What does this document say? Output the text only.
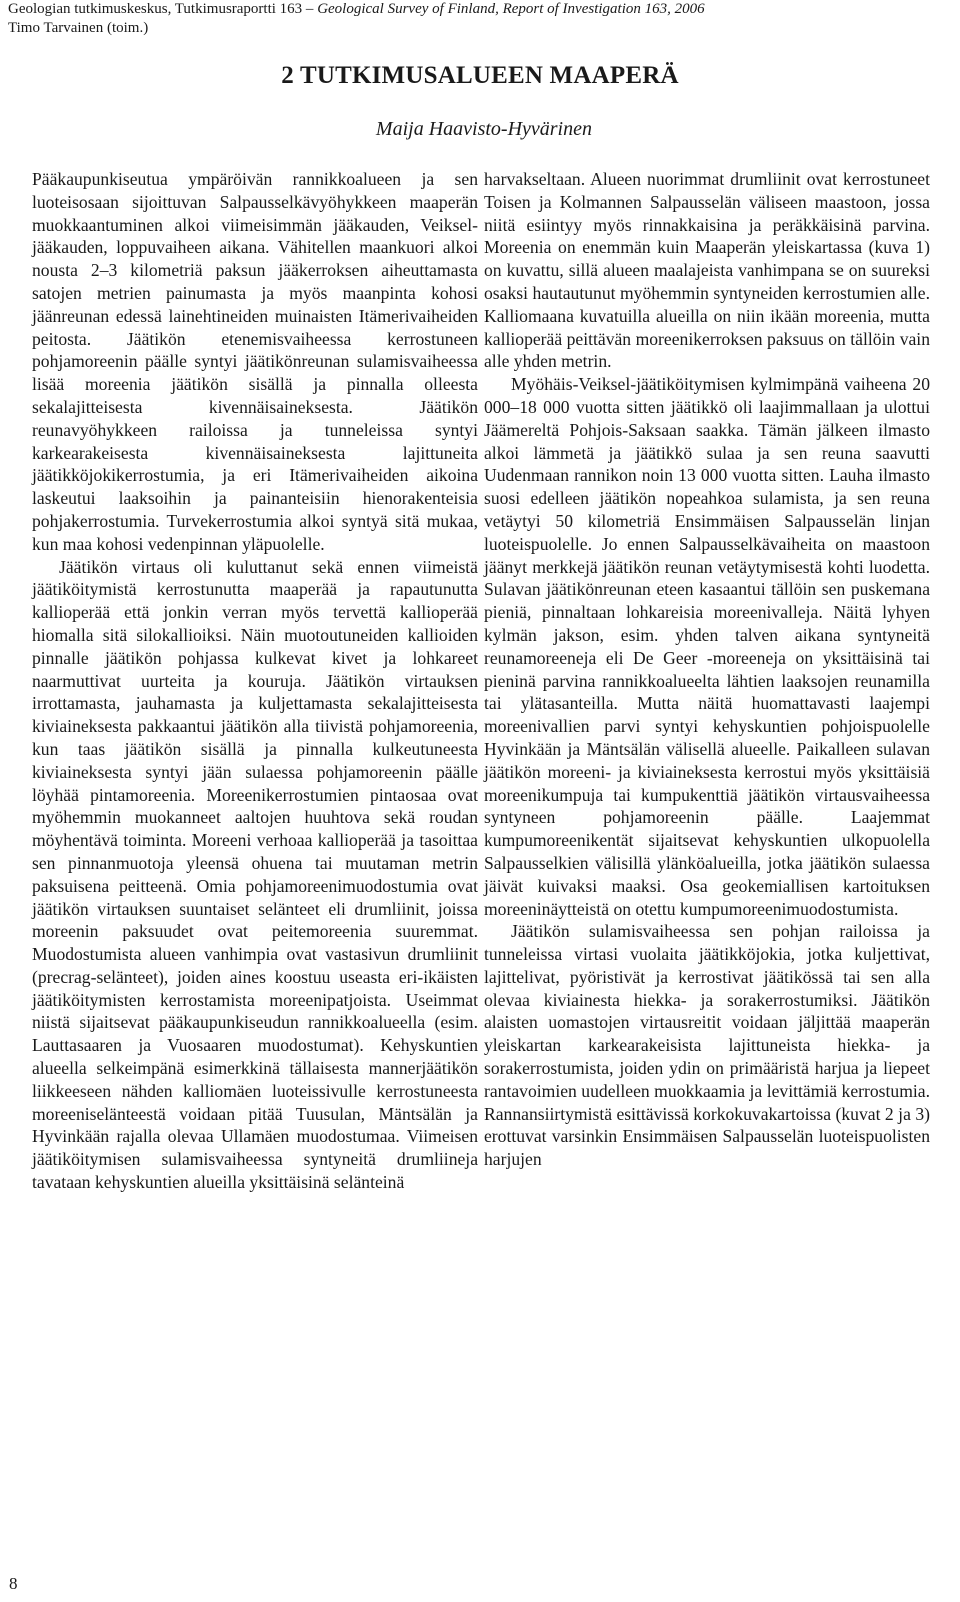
Geologian tutkimuskeskus, Tutkimusraportti 163 – Geological Survey of Finland, Report of Investigation 163, 2006
Timo Tarvainen (toim.)
2 TUTKIMUSALUEEN MAAPERÄ
Maija Haavisto-Hyvärinen

Pääkaupunkiseutua ympäröivän rannikkoalueen ja sen luoteisosaan sijoittuvan Salpausselkävyöhykkeen maaperän muokkaantuminen alkoi viimeisimmän jääkauden, Veiksel-jääkauden, loppuvaiheen aikana. Vähitellen maankuori alkoi nousta 2–3 kilometriä paksun jääkerroksen aiheuttamasta satojen metrien painumasta ja myös maanpinta kohosi jäänreunan edessä lainehtineiden muinaisten Itämerivaiheiden peitosta. Jäätikön etenemisvaiheessa kerrostuneen pohjamoreenin päälle syntyi jäätikönreunan sulamisvaiheessa lisää moreenia jäätikön sisällä ja pinnalla olleesta sekalajitteisesta kivennäisaineksesta. Jäätikön reunavyöhykkeen railoissa ja tunneleissa syntyi karkearakeisesta kivennäisaineksesta lajittuneita jäätikköjokikerrostumia, ja eri Itämerivaiheiden aikoina laskeutui laaksoihin ja painanteisiin hienorakenteisia pohjakerrostumia. Turvekerrostumia alkoi syntyä sitä mukaa, kun maa kohosi vedenpinnan yläpuolelle.

Jäätikön virtaus oli kuluttanut sekä ennen viimeistä jäätiköitymistä kerrostunutta maaperää ja rapautunutta kallioperää että jonkin verran myös tervettä kallioperää hiomalla sitä silokallioiksi. Näin muotoutuneiden kallioiden pinnalle jäätikön pohjassa kulkevat kivet ja lohkareet naarmuttivat uurteita ja kouruja. Jäätikön virtauksen irrottamasta, jauhamasta ja kuljettamasta sekalajitteisesta kiviaineksesta pakkaantui jäätikön alla tiivistä pohjamoreenia, kun taas jäätikön sisällä ja pinnalla kulkeutuneesta kiviaineksesta syntyi jään sulaessa pohjamoreenin päälle löyhää pintamoreenia. Moreenikerrostumien pintaosaa ovat myöhemmin muokanneet aaltojen huuhtova sekä roudan möyhentävä toiminta. Moreeni verhoaa kallioperää ja tasoittaa sen pinnanmuotoja yleensä ohuena tai muutaman metrin paksuisena peitteenä. Omia pohjamoreenimuodostumia ovat jäätikön virtauksen suuntaiset selänteet eli drumliinit, joissa moreenin paksuudet ovat peitemoreenia suuremmat. Muodostumista alueen vanhimpia ovat vastasivun drumliinit (precrag-selänteet), joiden aines koostuu useasta eri-ikäisten jäätiköitymisten kerrostamista moreenipatjoista. Useimmat niistä sijaitsevat pääkaupunkiseudun rannikkoalueella (esim. Lauttasaaren ja Vuosaaren muodostumat). Kehyskuntien alueella selkeimpänä esimerkkinä tällaisesta mannerjäätikön liikkeeseen nähden kalliomäen luoteissivulle kerrostuneesta moreeniselänteestä voidaan pitää Tuusulan, Mäntsälän ja Hyvinkään rajalla olevaa Ullamäen muodostumaa. Viimeisen jäätiköitymisen sulamisvaiheessa syntyneitä drumliineja tavataan kehyskuntien alueilla yksittäisinä selänteinä

harvakseltaan. Alueen nuorimmat drumliinit ovat kerrostuneet Toisen ja Kolmannen Salpausselän väliseen maastoon, jossa niitä esiintyy myös rinnakkaisina ja peräkkäisinä parvina. Moreenia on enemmän kuin Maaperän yleiskartassa (kuva 1) on kuvattu, sillä alueen maalajeista vanhimpana se on suureksi osaksi hautautunut myöhemmin syntyneiden kerrostumien alle. Kalliomaana kuvatuilla alueilla on niin ikään moreenia, mutta kallioperää peittävän moreenikerroksen paksuus on tällöin vain alle yhden metrin.

Myöhäis-Veiksel-jäätiköitymisen kylmimpänä vaiheena 20 000–18 000 vuotta sitten jäätikkö oli laajimmallaan ja ulottui Jäämereltä Pohjois-Saksaan saakka. Tämän jälkeen ilmasto alkoi lämmetä ja jäätikkö sulaa ja sen reuna saavutti Uudenmaan rannikon noin 13 000 vuotta sitten. Lauha ilmasto suosi edelleen jäätikön nopeahkoa sulamista, ja sen reuna vetäytyi 50 kilometriä Ensimmäisen Salpausselän linjan luoteispuolelle. Jo ennen Salpausselkävaiheita on maastoon jäänyt merkkejä jäätikön reunan vetäytymisestä kohti luodetta. Sulavan jäätikönreunan eteen kasaantui tällöin sen puskemana pieniä, pinnaltaan lohkareisia moreenivalleja. Näitä lyhyen kylmän jakson, esim. yhden talven aikana syntyneitä reunamoreeneja eli De Geer -moreeneja on yksittäisinä tai pieninä parvina rannikkoalueelta lähtien laaksojen reunamilla tai ylätasanteilla. Mutta näitä huomattavasti laajempi moreenivallien parvi syntyi kehyskuntien pohjoispuolelle Hyvinkään ja Mäntsälän välisellä alueelle. Paikalleen sulavan jäätikön moreeni- ja kiviaineksesta kerrostui myös yksittäisiä moreenikumpuja tai kumpukenttiä jäätikön virtausvaiheessa syntyneen pohjamoreenin päälle. Laajemmat kumpumoreenikentät sijaitsevat kehyskuntien ulkopuolella Salpausselkien välisillä ylänköalueilla, jotka jäätikön sulaessa jäivät kuivaksi maaksi. Osa geokemiallisen kartoituksen moreeninäytteistä on otettu kumpumoreenimuodostumista.

Jäätikön sulamisvaiheessa sen pohjan railoissa ja tunneleissa virtasi vuolaita jäätikköjokia, jotka kuljettivat, lajittelivat, pyöristivät ja kerrostivat jäätikössä tai sen alla olevaa kiviainesta hiekka- ja sorakerrostumiksi. Jäätikön alaisten uomastojen virtausreitit voidaan jäljittää maaperän yleiskartan karkearakeisista lajittuneista hiekka- ja sorakerrostumista, joiden ydin on primääristä harjua ja liepeet rantavoimien uudelleen muokkaamia ja levittämiä kerrostumia. Rannansiirtymistä esittävissä korkokuvakartoissa (kuvat 2 ja 3) erottuvat varsinkin Ensimmäisen Salpausselän luoteispuolisten harjujen

8
